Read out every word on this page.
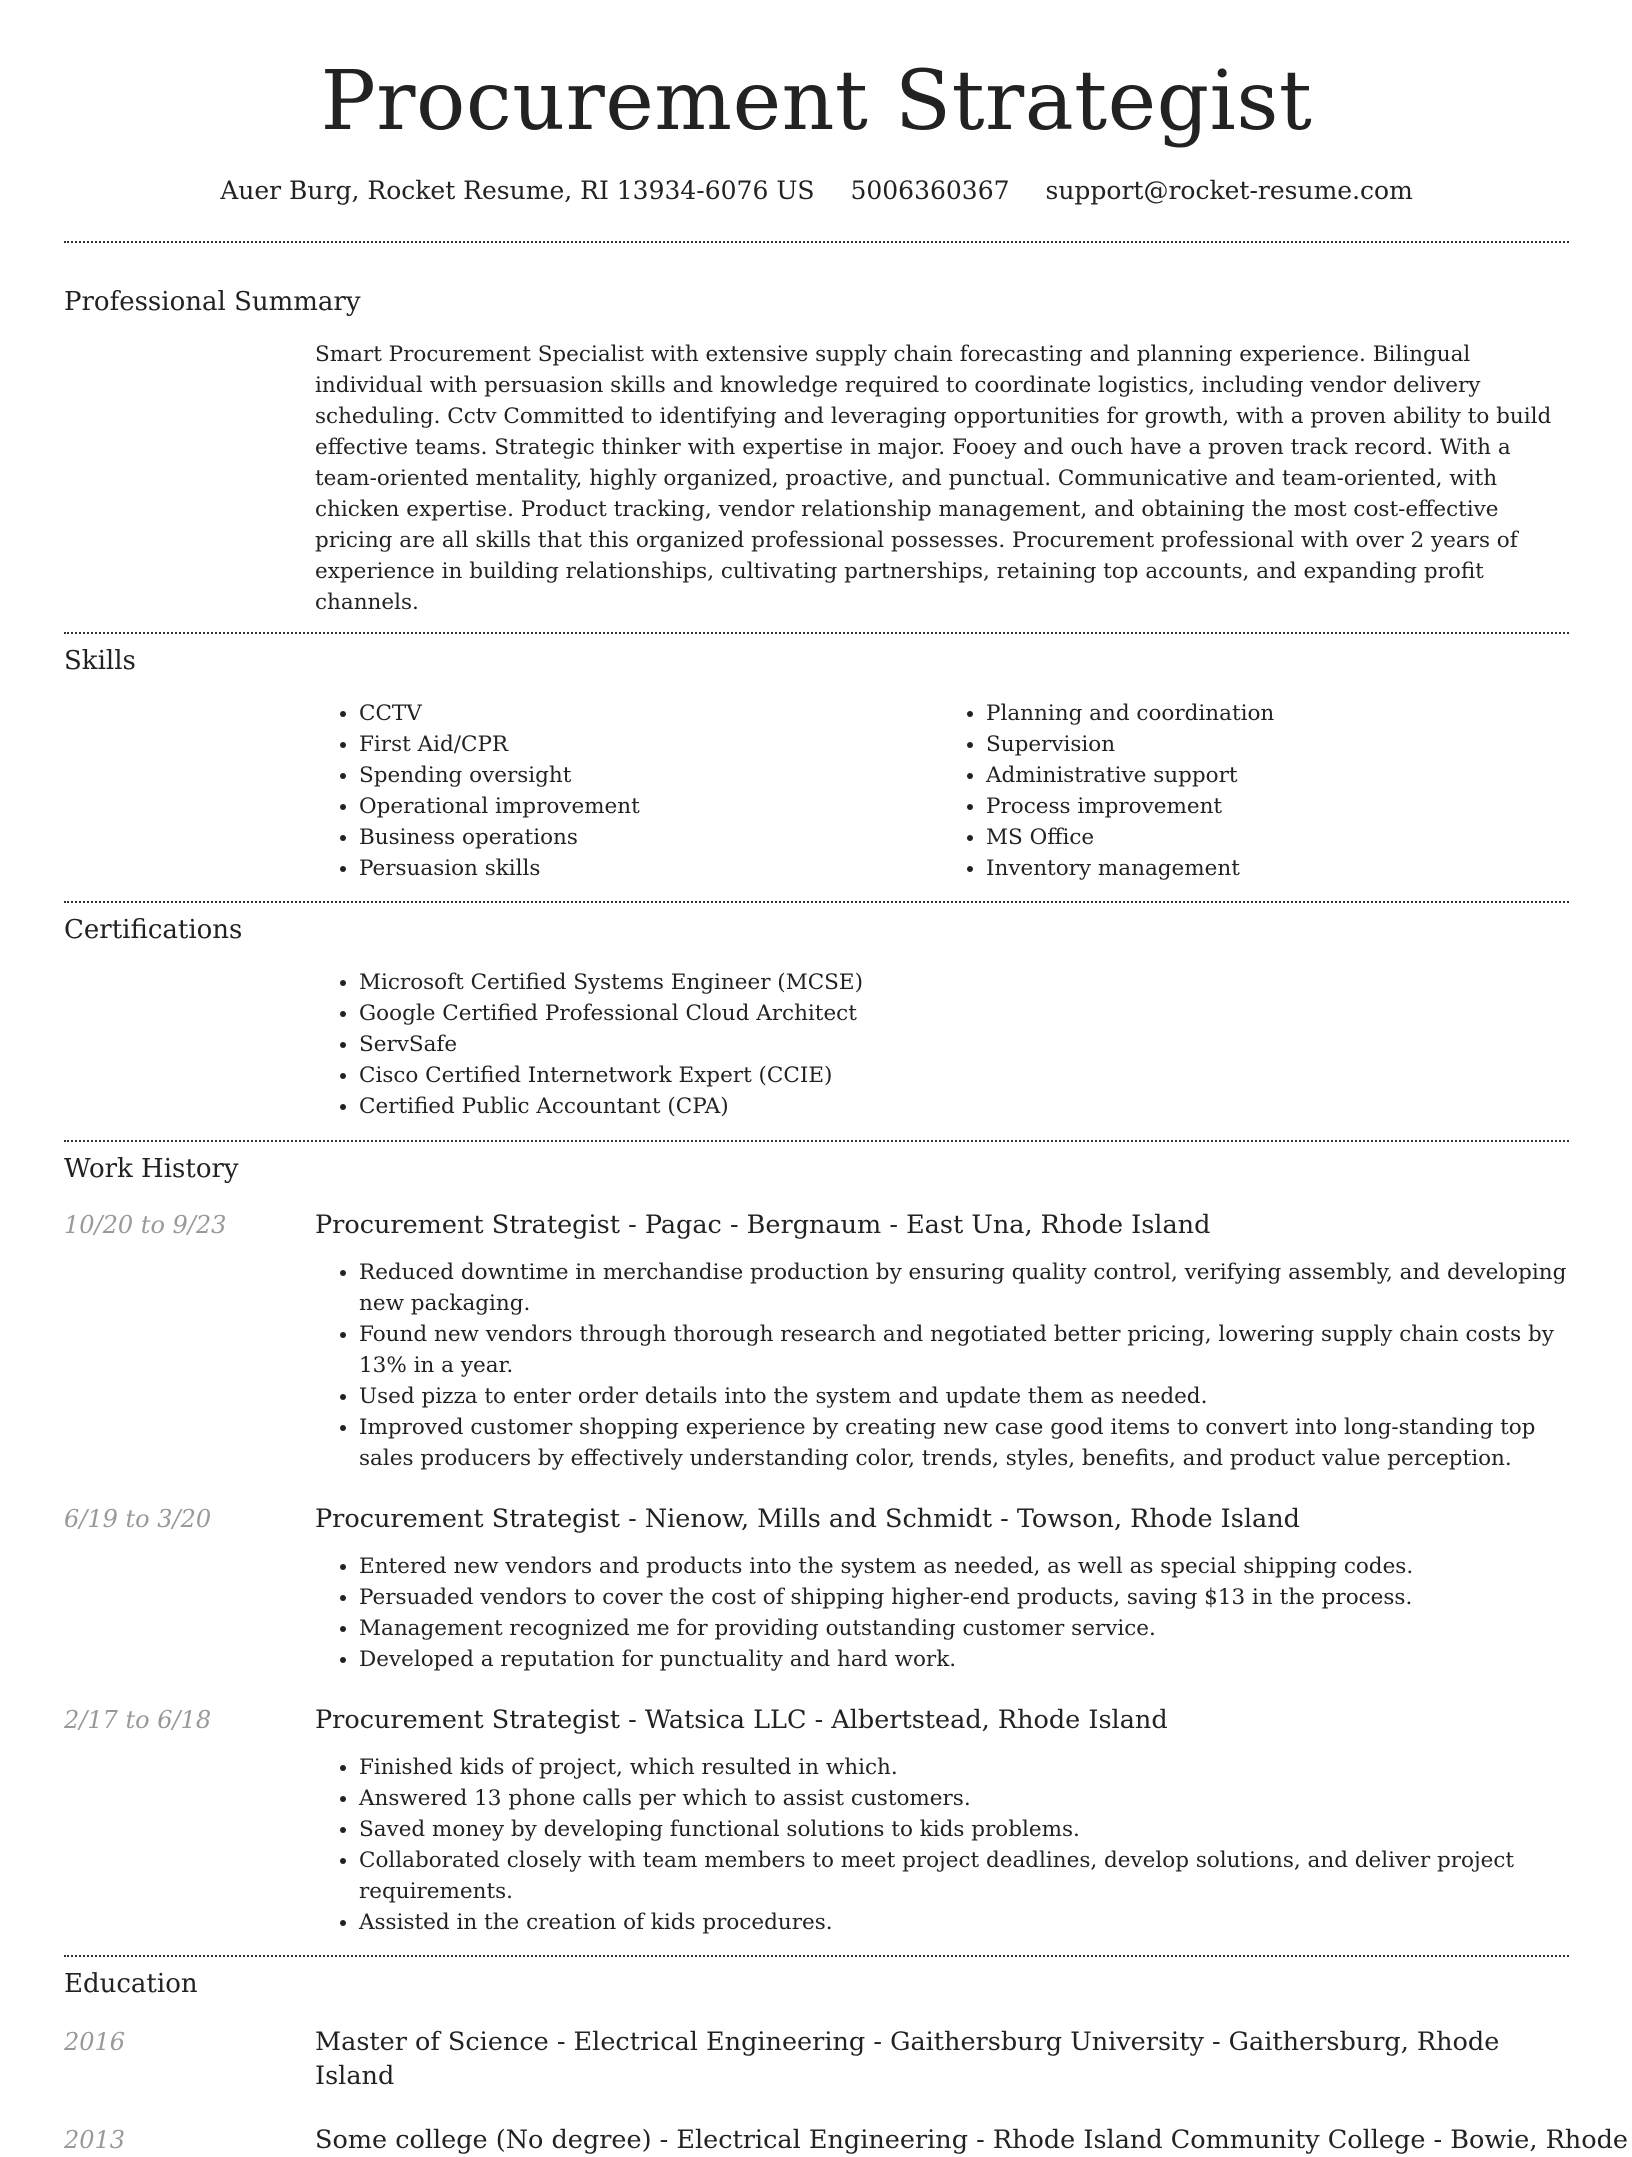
Procurement Strategist
Auer Burg, Rocket Resume, RI 13934-6076 US 5006360367 support@rocket-resume.com
Professional Summary

Smart Procurement Specialist with extensive supply chain forecasting and planning experience. Bilingual individual with persuasion skills and knowledge required to coordinate logistics, including vendor delivery scheduling. Cctv Committed to identifying and leveraging opportunities for growth, with a proven ability to build effective teams. Strategic thinker with expertise in major. Fooey and ouch have a proven track record. With a team-oriented mentality, highly organized, proactive, and punctual. Communicative and team-oriented, with chicken expertise. Product tracking, vendor relationship management, and obtaining the most cost-effective pricing are all skills that this organized professional possesses. Procurement professional with over 2 years of experience in building relationships, cultivating partnerships, retaining top accounts, and expanding profit channels.

Skills
• CCTV
• First Aid/CPR
• Spending oversight
• Operational improvement
• Business operations
• Persuasion skills
• Planning and coordination
• Supervision
• Administrative support
• Process improvement
• MS Office
• Inventory management
Certifications
• Microsoft Certified Systems Engineer (MCSE)
• Google Certified Professional Cloud Architect
• ServSafe
• Cisco Certified Internetwork Expert (CCIE)
• Certified Public Accountant (CPA)
Work History
10/20 to 9/23	Procurement Strategist - Pagac - Bergnaum - East Una, Rhode Island
• Reduced downtime in merchandise production by ensuring quality control, verifying assembly, and developing new packaging.
• Found new vendors through thorough research and negotiated better pricing, lowering supply chain costs by 13% in a year.
• Used pizza to enter order details into the system and update them as needed.
• Improved customer shopping experience by creating new case good items to convert into long-standing top sales producers by effectively understanding color, trends, styles, benefits, and product value perception.
6/19 to 3/20	Procurement Strategist - Nienow, Mills and Schmidt - Towson, Rhode Island
• Entered new vendors and products into the system as needed, as well as special shipping codes.
• Persuaded vendors to cover the cost of shipping higher-end products, saving $13 in the process.
• Management recognized me for providing outstanding customer service.
• Developed a reputation for punctuality and hard work.
2/17 to 6/18	Procurement Strategist - Watsica LLC - Albertstead, Rhode Island
• Finished kids of project, which resulted in which.
• Answered 13 phone calls per which to assist customers.
• Saved money by developing functional solutions to kids problems.
• Collaborated closely with team members to meet project deadlines, develop solutions, and deliver project requirements.
• Assisted in the creation of kids procedures.
Education
2016	Master of Science - Electrical Engineering - Gaithersburg University - Gaithersburg, Rhode Island
2013	Some college (No degree) - Electrical Engineering - Rhode Island Community College - Bowie, Rhode
